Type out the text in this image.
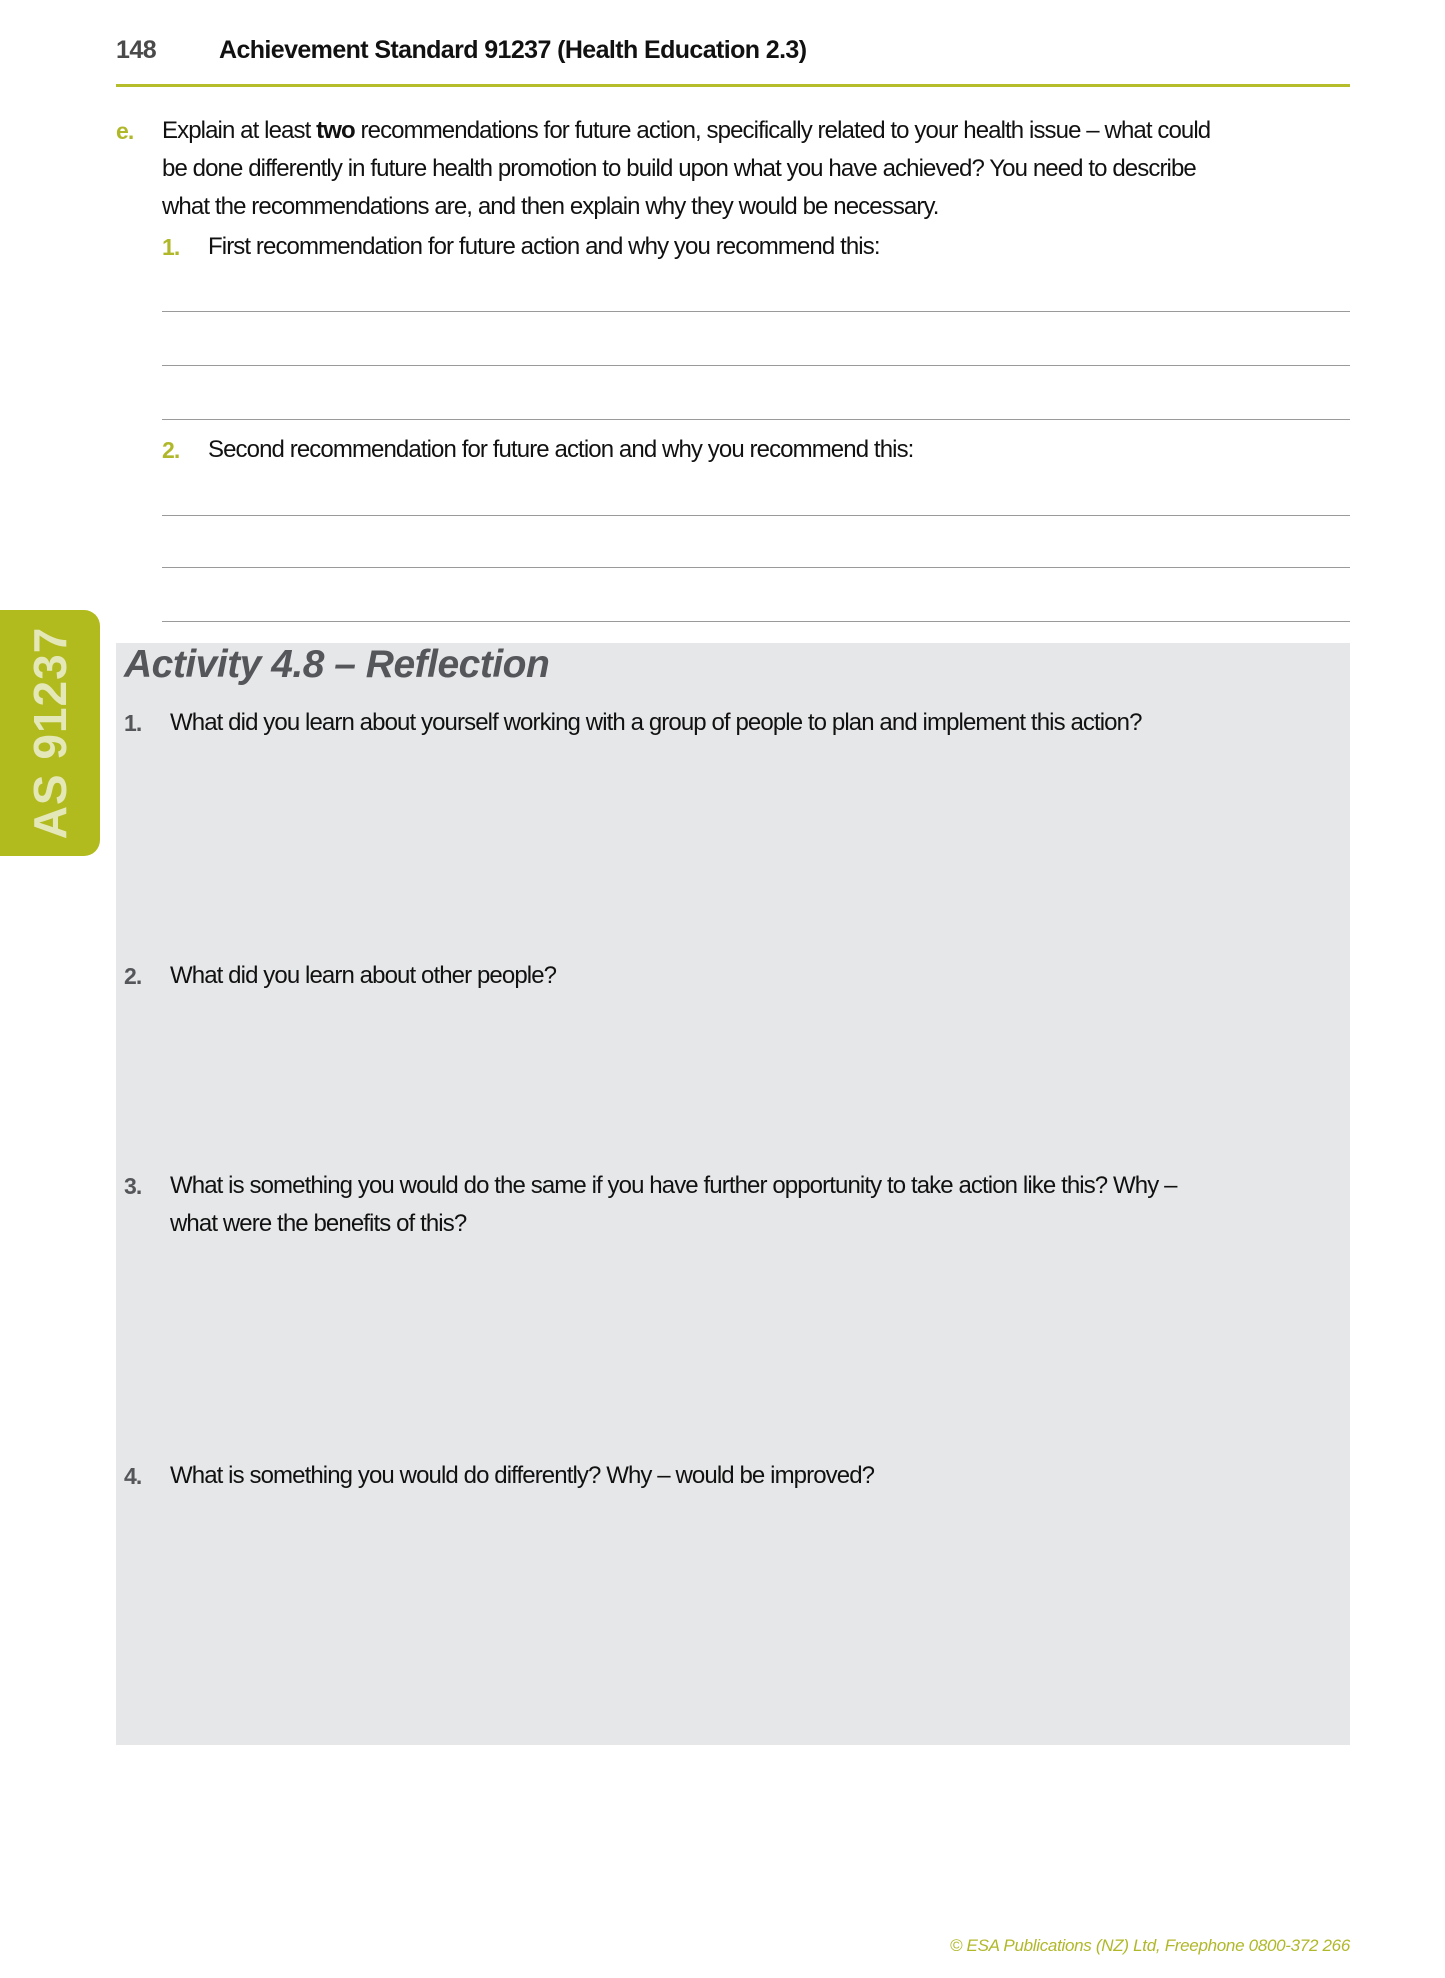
148	Achievement Standard 91237 (Health Education 2.3)
AS 91237
e. Explain at least two recommendations for future action, specifically related to your health issue – what could
be done differently in future health promotion to build upon what you have achieved? You need to describe
what the recommendations are, and then explain why they would be necessary.
1. First recommendation for future action and why you recommend this:
2. Second recommendation for future action and why you recommend this:
Activity 4.8 – Reflection
1. What did you learn about yourself working with a group of people to plan and implement this action?
2. What did you learn about other people?
3. What is something you would do the same if you have further opportunity to take action like this? Why –
what were the benefits of this?
4. What is something you would do differently? Why – would be improved?
© ESA Publications (NZ) Ltd, Freephone 0800-372 266
